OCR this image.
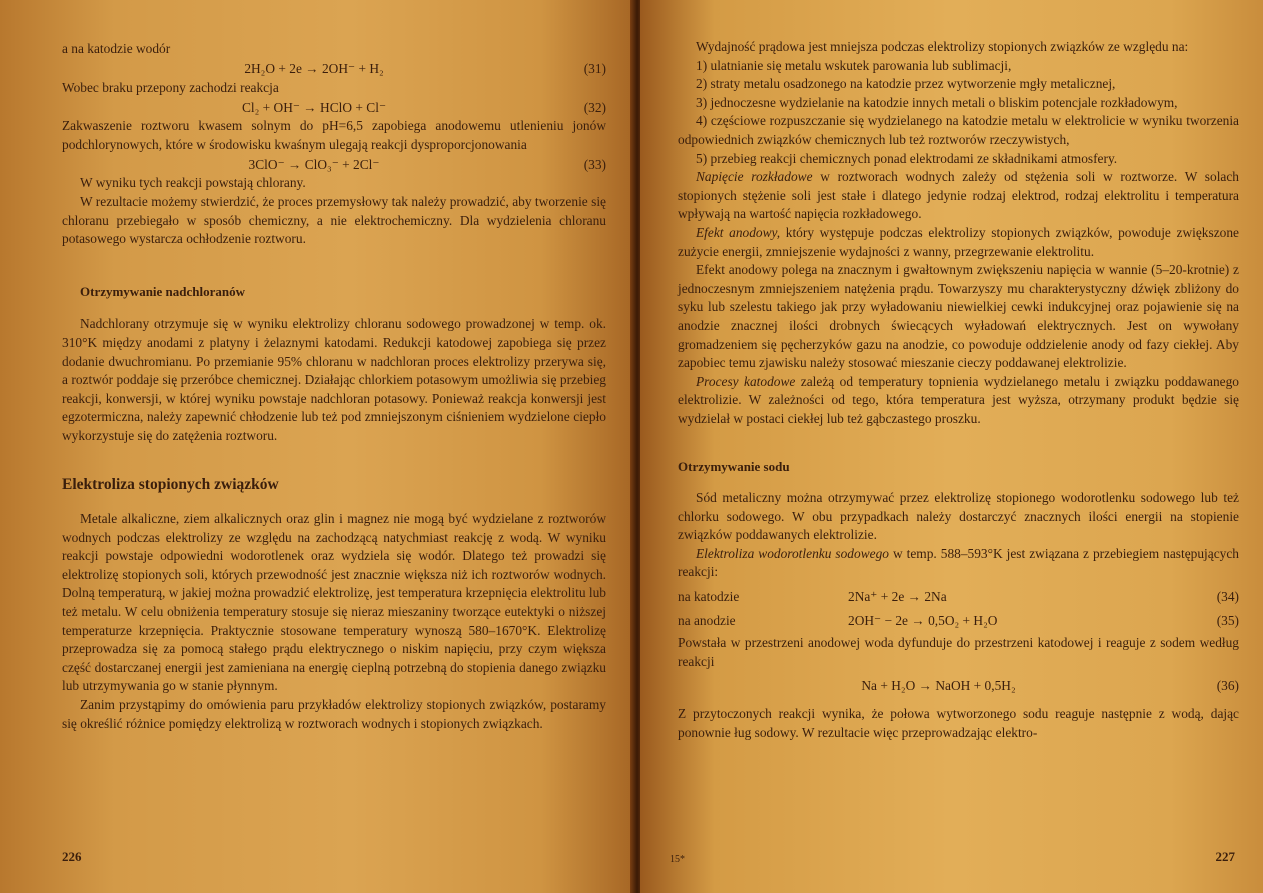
a na katodzie wodór

2H₂O + 2e → 2OH⁻ + H₂	(31)

Wobec braku przepony zachodzi reakcja

Cl₂ + OH⁻ → HClO + Cl⁻	(32)

Zakwaszenie roztworu kwasem solnym do pH=6,5 zapobiega anodowemu utlenieniu jonów podchlorynowych, które w środowisku kwaśnym ulegają reakcji dysproporcjonowania

3ClO⁻ → ClO₃⁻ + 2Cl⁻	(33)

W wyniku tych reakcji powstają chlorany.

W rezultacie możemy stwierdzić, że proces przemysłowy tak należy prowadzić, aby tworzenie się chloranu przebiegało w sposób chemiczny, a nie elektrochemiczny. Dla wydzielenia chloranu potasowego wystarcza ochłodzenie roztworu.

Otrzymywanie nadchloranów

Nadchlorany otrzymuje się w wyniku elektrolizy chloranu sodowego prowadzonej w temp. ok. 310°K między anodami z platyny i żelaznymi katodami. Redukcji katodowej zapobiega się przez dodanie dwuchromianu. Po przemianie 95% chloranu w nadchloran proces elektrolizy przerywa się, a roztwór poddaje się przeróbce chemicznej. Działając chlorkiem potasowym umożliwia się przebieg reakcji, konwersji, w której wyniku powstaje nadchloran potasowy. Ponieważ reakcja konwersji jest egzotermiczna, należy zapewnić chłodzenie lub też pod zmniejszonym ciśnieniem wydzielone ciepło wykorzystuje się do zatężenia roztworu.

Elektroliza stopionych związków

Metale alkaliczne, ziem alkalicznych oraz glin i magnez nie mogą być wydzielane z roztworów wodnych podczas elektrolizy ze względu na zachodzącą natychmiast reakcję z wodą. W wyniku reakcji powstaje odpowiedni wodorotlenek oraz wydziela się wodór. Dlatego też prowadzi się elektrolizę stopionych soli, których przewodność jest znacznie większa niż ich roztworów wodnych. Dolną temperaturą, w jakiej można prowadzić elektrolizę, jest temperatura krzepnięcia elektrolitu lub też metalu. W celu obniżenia temperatury stosuje się nieraz mieszaniny tworzące eutektyki o niższej temperaturze krzepnięcia. Praktycznie stosowane temperatury wynoszą 580–1670°K. Elektrolizę przeprowadza się za pomocą stałego prądu elektrycznego o niskim napięciu, przy czym większa część dostarczanej energii jest zamieniana na energię cieplną potrzebną do stopienia danego związku lub utrzymywania go w stanie płynnym.

Zanim przystąpimy do omówienia paru przykładów elektrolizy stopionych związków, postaramy się określić różnice pomiędzy elektrolizą w roztworach wodnych i stopionych związkach.

226

Wydajność prądowa jest mniejsza podczas elektrolizy stopionych związków ze względu na:

1) ulatnianie się metalu wskutek parowania lub sublimacji,

2) straty metalu osadzonego na katodzie przez wytworzenie mgły metalicznej,

3) jednoczesne wydzielanie na katodzie innych metali o bliskim potencjale rozkładowym,

4) częściowe rozpuszczanie się wydzielanego na katodzie metalu w elektrolicie w wyniku tworzenia odpowiednich związków chemicznych lub też roztworów rzeczywistych,

5) przebieg reakcji chemicznych ponad elektrodami ze składnikami atmosfery.

Napięcie rozkładowe w roztworach wodnych zależy od stężenia soli w roztworze. W solach stopionych stężenie soli jest stałe i dlatego jedynie rodzaj elektrod, rodzaj elektrolitu i temperatura wpływają na wartość napięcia rozkładowego.

Efekt anodowy, który występuje podczas elektrolizy stopionych związków, powoduje zwiększone zużycie energii, zmniejszenie wydajności z wanny, przegrzewanie elektrolitu.

Efekt anodowy polega na znacznym i gwałtownym zwiększeniu napięcia w wannie (5–20-krotnie) z jednoczesnym zmniejszeniem natężenia prądu. Towarzyszy mu charakterystyczny dźwięk zbliżony do syku lub szelestu takiego jak przy wyładowaniu niewielkiej cewki indukcyjnej oraz pojawienie się na anodzie znacznej ilości drobnych świecących wyładowań elektrycznych. Jest on wywołany gromadzeniem się pęcherzyków gazu na anodzie, co powoduje oddzielenie anody od fazy ciekłej. Aby zapobiec temu zjawisku należy stosować mieszanie cieczy poddawanej elektrolizie.

Procesy katodowe zależą od temperatury topnienia wydzielanego metalu i związku poddawanego elektrolizie. W zależności od tego, która temperatura jest wyższa, otrzymany produkt będzie się wydzielał w postaci ciekłej lub też gąbczastego proszku.

Otrzymywanie sodu

Sód metaliczny można otrzymywać przez elektrolizę stopionego wodorotlenku sodowego lub też chlorku sodowego. W obu przypadkach należy dostarczyć znacznych ilości energii na stopienie związków poddawanych elektrolizie.

Elektroliza wodorotlenku sodowego w temp. 588–593°K jest związana z przebiegiem następujących reakcji:

na katodzie	2Na⁺ + 2e → 2Na	(34)
na anodzie	2OH⁻ − 2e → 0,5O₂ + H₂O	(35)

Powstała w przestrzeni anodowej woda dyfunduje do przestrzeni katodowej i reaguje z sodem według reakcji

Na + H₂O → NaOH + 0,5H₂	(36)

Z przytoczonych reakcji wynika, że połowa wytworzonego sodu reaguje następnie z wodą, dając ponownie ług sodowy. W rezultacie więc przeprowadzając elektro-

15*	227
